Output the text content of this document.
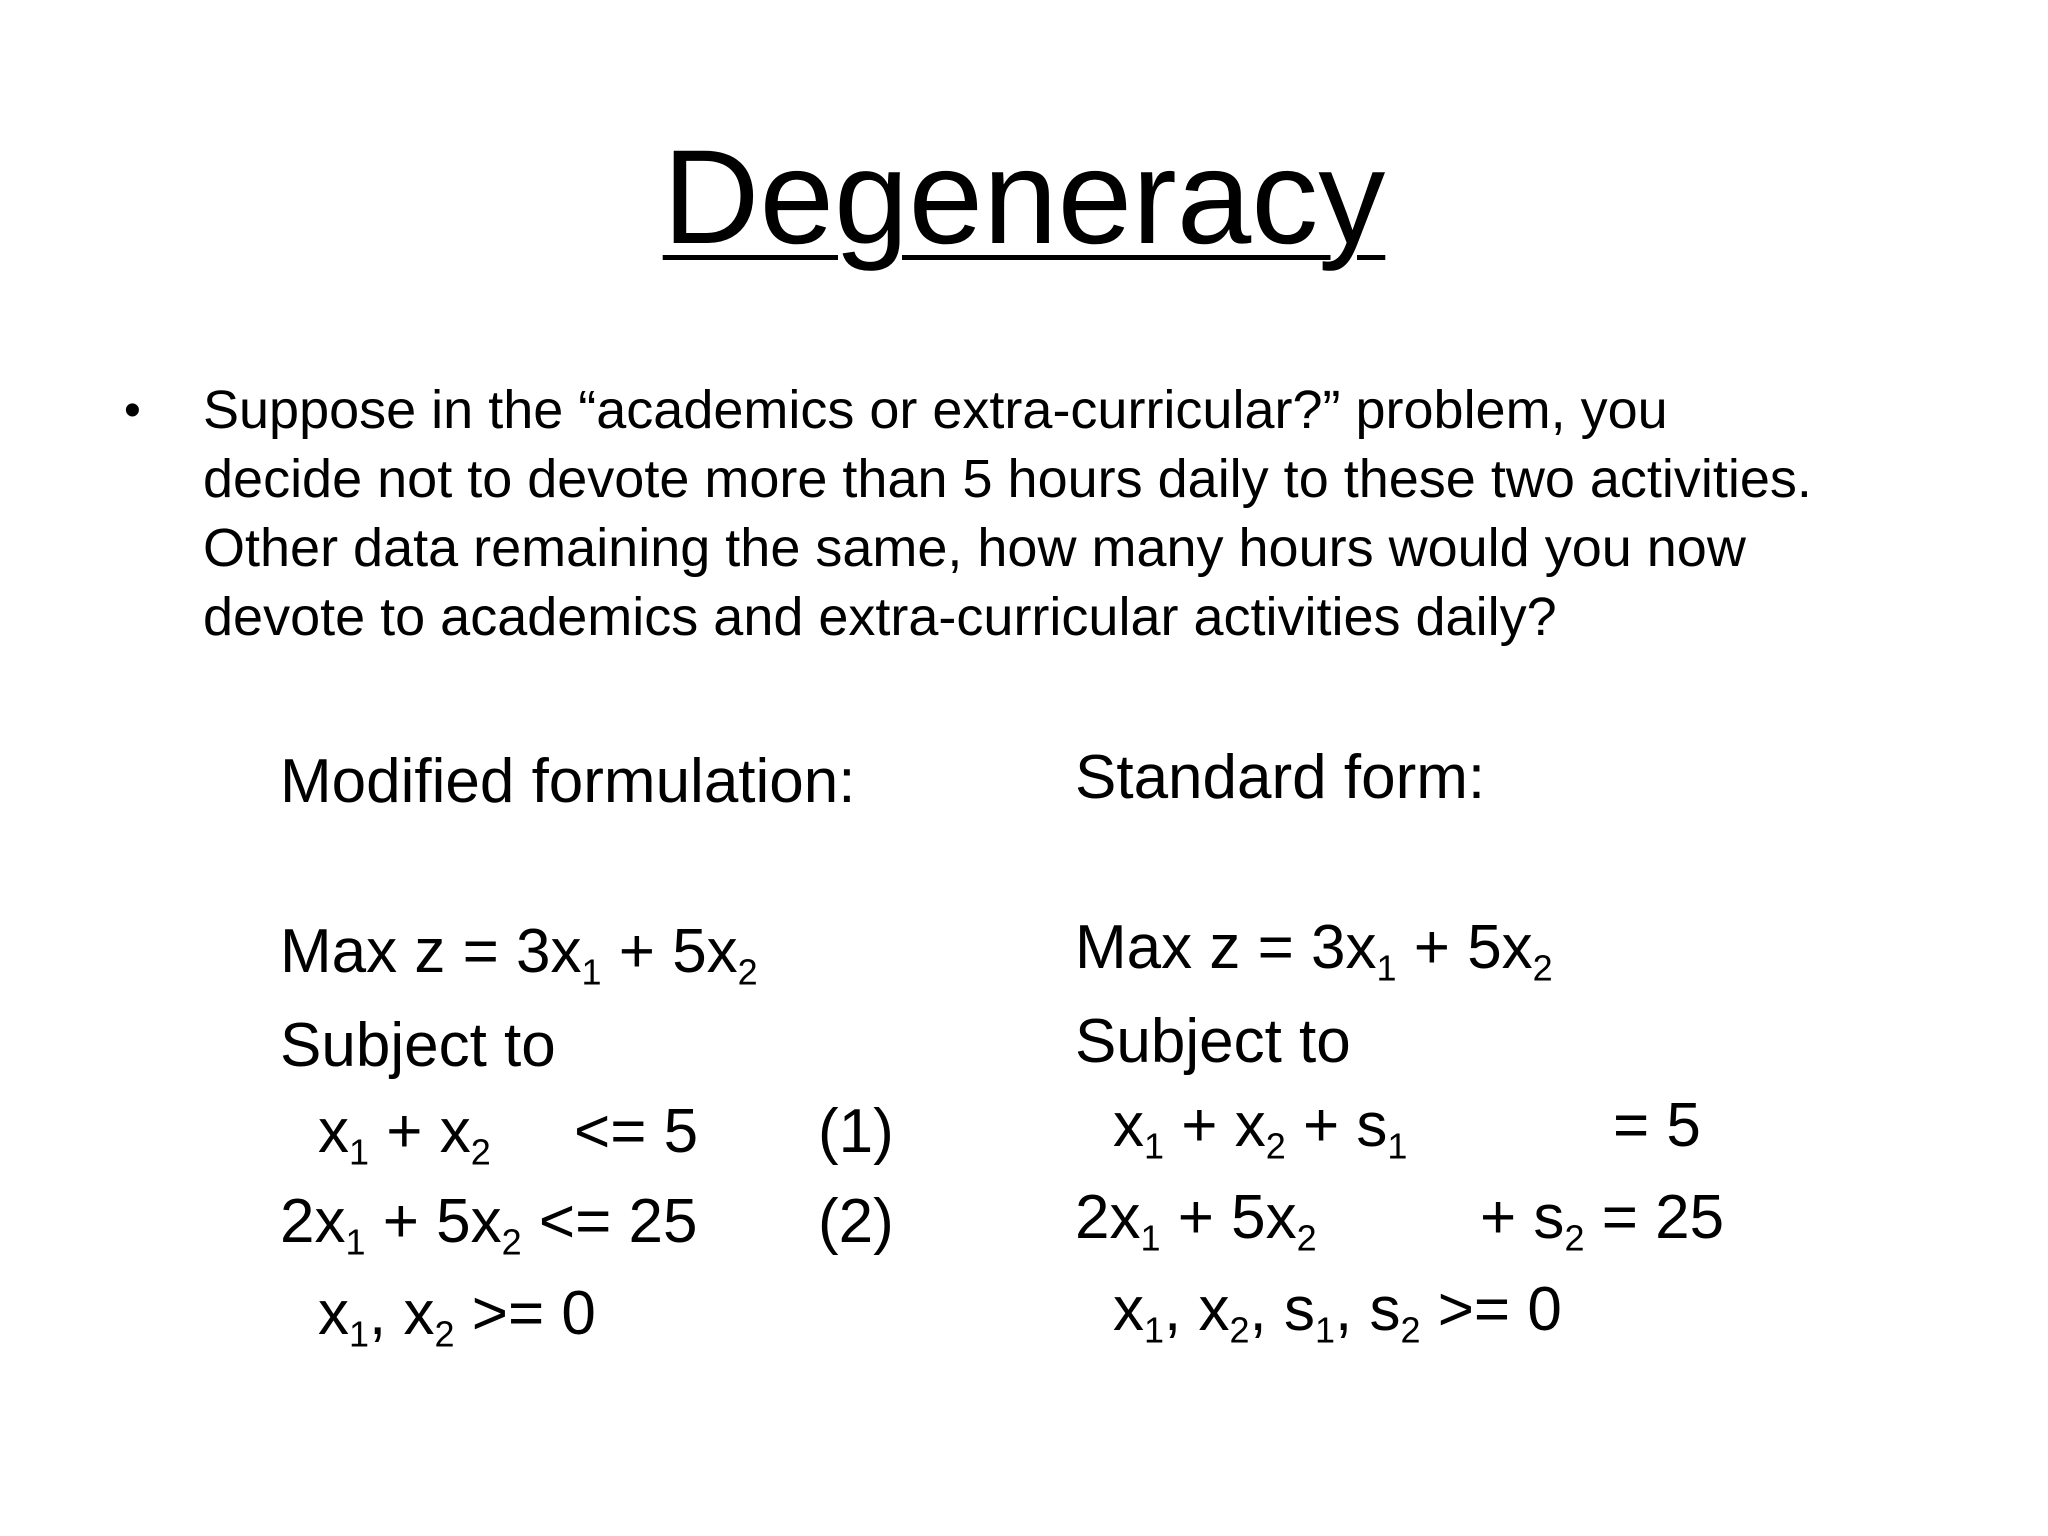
Degeneracy
• Suppose in the “academics or extra-curricular?” problem, you
decide not to devote more than 5 hours daily to these two activities.
Other data remaining the same, how many hours would you now
devote to academics and extra-curricular activities daily?
Modified formulation:
Max $z = 3x_1 + 5x_2$
Subject to
$x_1 + x_2 <= 5$ (1)
$2x_1 + 5x_2 <= 25$ (2)
$x_1$, $x_2 >= 0$
Standard form:
Max $z = 3x_1 + 5x_2$
Subject to
$x_1 + x_2 + s_1$	= 5
$2x_1 + 5x_2$	+ $s_2 = 25$
$x_1$, $x_2$, $s_1$, $s_2 >= 0$
